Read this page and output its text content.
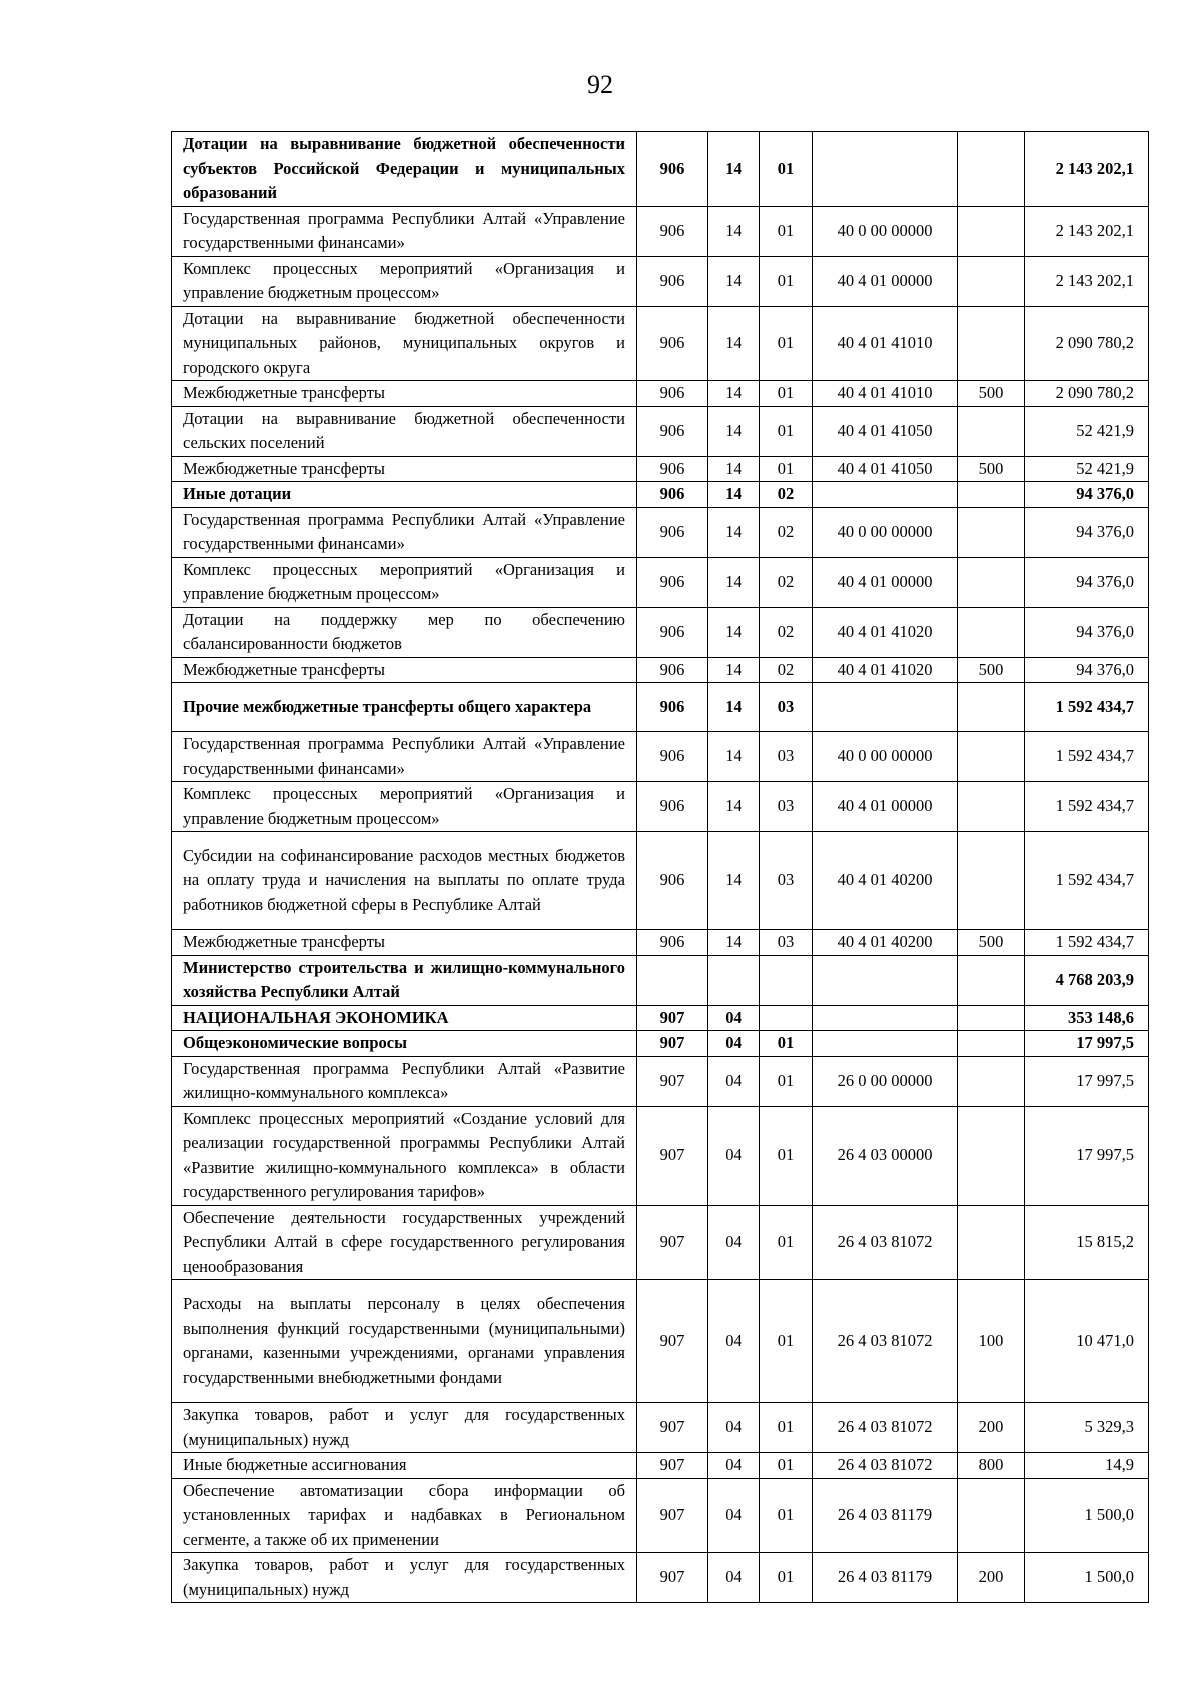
92
Дотации на выравнивание бюджетной обеспеченности субъектов Российской Федерации и муниципальных образований	906	14	01			2 143 202,1
Государственная программа Республики Алтай «Управление государственными финансами»	906	14	01	40 0 00 00000		2 143 202,1
Комплекс процессных мероприятий «Организация и управление бюджетным процессом»	906	14	01	40 4 01 00000		2 143 202,1
Дотации на выравнивание бюджетной обеспеченности муниципальных районов, муниципальных округов и городского округа	906	14	01	40 4 01 41010		2 090 780,2
Межбюджетные трансферты	906	14	01	40 4 01 41010	500	2 090 780,2
Дотации на выравнивание бюджетной обеспеченности сельских поселений	906	14	01	40 4 01 41050		52 421,9
Межбюджетные трансферты	906	14	01	40 4 01 41050	500	52 421,9
Иные дотации	906	14	02			94 376,0
Государственная программа Республики Алтай «Управление государственными финансами»	906	14	02	40 0 00 00000		94 376,0
Комплекс процессных мероприятий «Организация и управление бюджетным процессом»	906	14	02	40 4 01 00000		94 376,0
Дотации на поддержку мер по обеспечению сбалансированности бюджетов	906	14	02	40 4 01 41020		94 376,0
Межбюджетные трансферты	906	14	02	40 4 01 41020	500	94 376,0
Прочие межбюджетные трансферты общего характера	906	14	03			1 592 434,7
Государственная программа Республики Алтай «Управление государственными финансами»	906	14	03	40 0 00 00000		1 592 434,7
Комплекс процессных мероприятий «Организация и управление бюджетным процессом»	906	14	03	40 4 01 00000		1 592 434,7
Субсидии на софинансирование расходов местных бюджетов на оплату труда и начисления на выплаты по оплате труда работников бюджетной сферы в Республике Алтай	906	14	03	40 4 01 40200		1 592 434,7
Межбюджетные трансферты	906	14	03	40 4 01 40200	500	1 592 434,7
Министерство строительства и жилищно-коммунального хозяйства Республики Алтай						4 768 203,9
НАЦИОНАЛЬНАЯ ЭКОНОМИКА	907	04				353 148,6
Общеэкономические вопросы	907	04	01			17 997,5
Государственная программа Республики Алтай «Развитие жилищно-коммунального комплекса»	907	04	01	26 0 00 00000		17 997,5
Комплекс процессных мероприятий «Создание условий для реализации государственной программы Республики Алтай «Развитие жилищно-коммунального комплекса» в области государственного регулирования тарифов»	907	04	01	26 4 03 00000		17 997,5
Обеспечение деятельности государственных учреждений Республики Алтай в сфере государственного регулирования ценообразования	907	04	01	26 4 03 81072		15 815,2
Расходы на выплаты персоналу в целях обеспечения выполнения функций государственными (муниципальными) органами, казенными учреждениями, органами управления государственными внебюджетными фондами	907	04	01	26 4 03 81072	100	10 471,0
Закупка товаров, работ и услуг для государственных (муниципальных) нужд	907	04	01	26 4 03 81072	200	5 329,3
Иные бюджетные ассигнования	907	04	01	26 4 03 81072	800	14,9
Обеспечение автоматизации сбора информации об установленных тарифах и надбавках в Региональном сегменте, а также об их применении	907	04	01	26 4 03 81179		1 500,0
Закупка товаров, работ и услуг для государственных (муниципальных) нужд	907	04	01	26 4 03 81179	200	1 500,0
